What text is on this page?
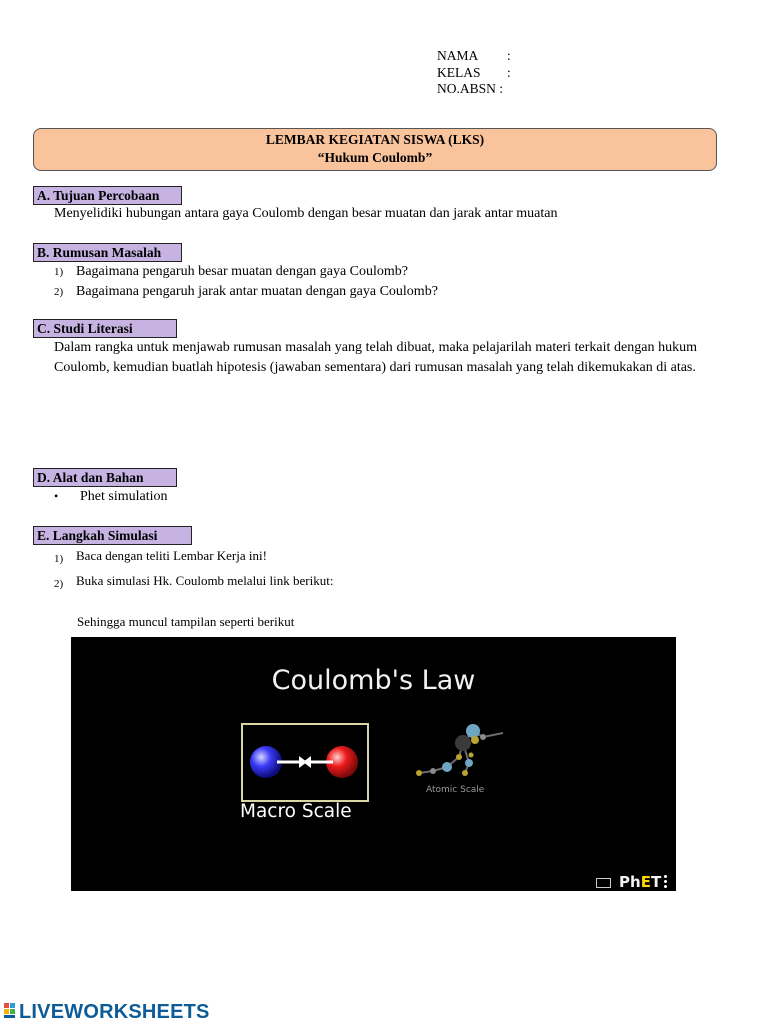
NAMA	:
KELAS	:
NO.ABSN :
LEMBAR KEGIATAN SISWA (LKS)
“Hukum Coulomb”
A. Tujuan Percobaan
Menyelidiki hubungan antara gaya Coulomb dengan besar muatan dan jarak antar muatan
B. Rumusan Masalah
1) Bagaimana pengaruh besar muatan dengan gaya Coulomb?
2) Bagaimana pengaruh jarak antar muatan dengan gaya Coulomb?
C. Studi Literasi
Dalam rangka untuk menjawab rumusan masalah yang telah dibuat, maka pelajarilah materi terkait dengan hukum Coulomb, kemudian buatlah hipotesis (jawaban sementara) dari rumusan masalah yang telah dikemukakan di atas.
D. Alat dan Bahan
•	Phet simulation
E. Langkah Simulasi
1) Baca dengan teliti Lembar Kerja ini!
2) Buka simulasi Hk. Coulomb melalui link berikut:
Sehingga muncul tampilan seperti berikut
Coulomb's Law
Macro Scale
Atomic Scale
PhET
LIVEWORKSHEETS
